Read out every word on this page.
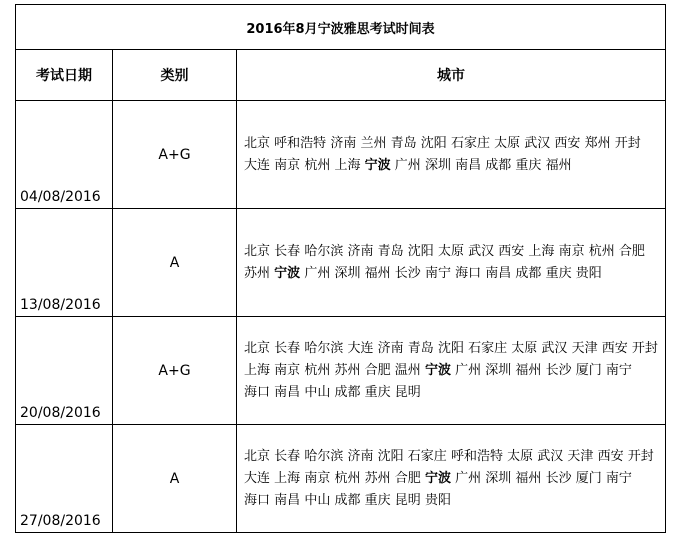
2016年8月宁波雅思考试时间表		
考试日期	类别	城市
04/08/2016	A+G	北京 呼和浩特 济南 兰州 青岛 沈阳 石家庄 太原 武汉 西安 郑州 开封 大连 南京 杭州 上海 宁波 广州 深圳 南昌 成都 重庆 福州
13/08/2016	A	北京 长春 哈尔滨 济南 青岛 沈阳 太原 武汉 西安 上海 南京 杭州 合肥 苏州 宁波 广州 深圳 福州 长沙 南宁 海口 南昌 成都 重庆 贵阳
20/08/2016	A+G	北京 长春 哈尔滨 大连 济南 青岛 沈阳 石家庄 太原 武汉 天津 西安 开封 上海 南京 杭州 苏州 合肥 温州 宁波 广州 深圳 福州 长沙 厦门 南宁 海口 南昌 中山 成都 重庆 昆明
27/08/2016	A	北京 长春 哈尔滨 济南 沈阳 石家庄 呼和浩特 太原 武汉 天津 西安 开封 大连 上海 南京 杭州 苏州 合肥 宁波 广州 深圳 福州 长沙 厦门 南宁 海口 南昌 中山 成都 重庆 昆明 贵阳
